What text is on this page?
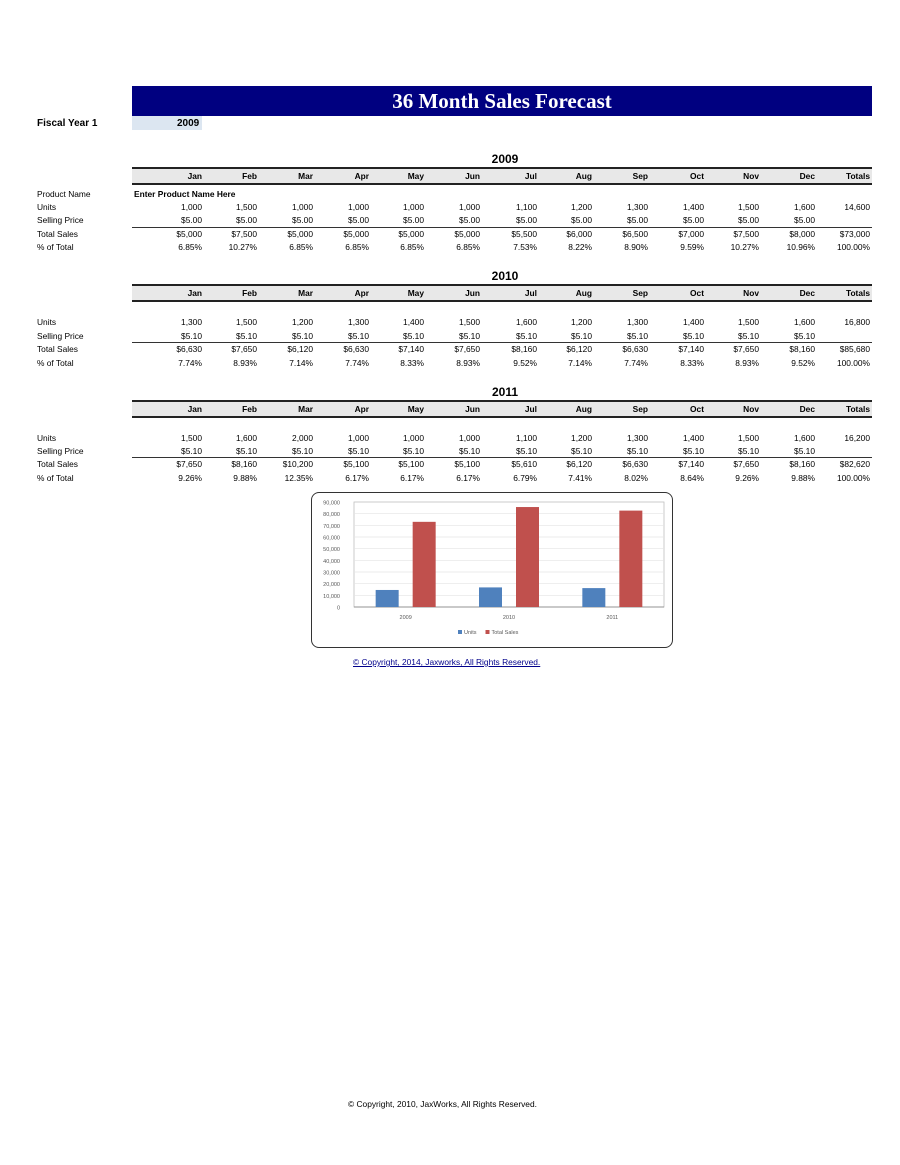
36 Month Sales Forecast
Fiscal Year 1	2009
2009
Jan	Feb	Mar	Apr	May	Jun	Jul	Aug	Sep	Oct	Nov	Dec	Totals
Product Name	Enter Product Name Here
Units	1,000	1,500	1,000	1,000	1,000	1,000	1,100	1,200	1,300	1,400	1,500	1,600	14,600
Selling Price	$5.00	$5.00	$5.00	$5.00	$5.00	$5.00	$5.00	$5.00	$5.00	$5.00	$5.00	$5.00
Total Sales	$5,000	$7,500	$5,000	$5,000	$5,000	$5,000	$5,500	$6,000	$6,500	$7,000	$7,500	$8,000	$73,000
% of Total	6.85%	10.27%	6.85%	6.85%	6.85%	6.85%	7.53%	8.22%	8.90%	9.59%	10.27%	10.96%	100.00%
2010
Jan	Feb	Mar	Apr	May	Jun	Jul	Aug	Sep	Oct	Nov	Dec	Totals
Units	1,300	1,500	1,200	1,300	1,400	1,500	1,600	1,200	1,300	1,400	1,500	1,600	16,800
Selling Price	$5.10	$5.10	$5.10	$5.10	$5.10	$5.10	$5.10	$5.10	$5.10	$5.10	$5.10	$5.10
Total Sales	$6,630	$7,650	$6,120	$6,630	$7,140	$7,650	$8,160	$6,120	$6,630	$7,140	$7,650	$8,160	$85,680
% of Total	7.74%	8.93%	7.14%	7.74%	8.33%	8.93%	9.52%	7.14%	7.74%	8.33%	8.93%	9.52%	100.00%
2011
Jan	Feb	Mar	Apr	May	Jun	Jul	Aug	Sep	Oct	Nov	Dec	Totals
Units	1,500	1,600	2,000	1,000	1,000	1,000	1,100	1,200	1,300	1,400	1,500	1,600	16,200
Selling Price	$5.10	$5.10	$5.10	$5.10	$5.10	$5.10	$5.10	$5.10	$5.10	$5.10	$5.10	$5.10
Total Sales	$7,650	$8,160	$10,200	$5,100	$5,100	$5,100	$5,610	$6,120	$6,630	$7,140	$7,650	$8,160	$82,620
% of Total	9.26%	9.88%	12.35%	6.17%	6.17%	6.17%	6.79%	7.41%	8.02%	8.64%	9.26%	9.88%	100.00%
90,000
80,000
70,000
60,000
50,000
40,000
30,000
20,000
10,000
0
2009	2010	2011
Units	Total Sales
© Copyright, 2014, Jaxworks, All Rights Reserved.
© Copyright, 2010, JaxWorks, All Rights Reserved.
